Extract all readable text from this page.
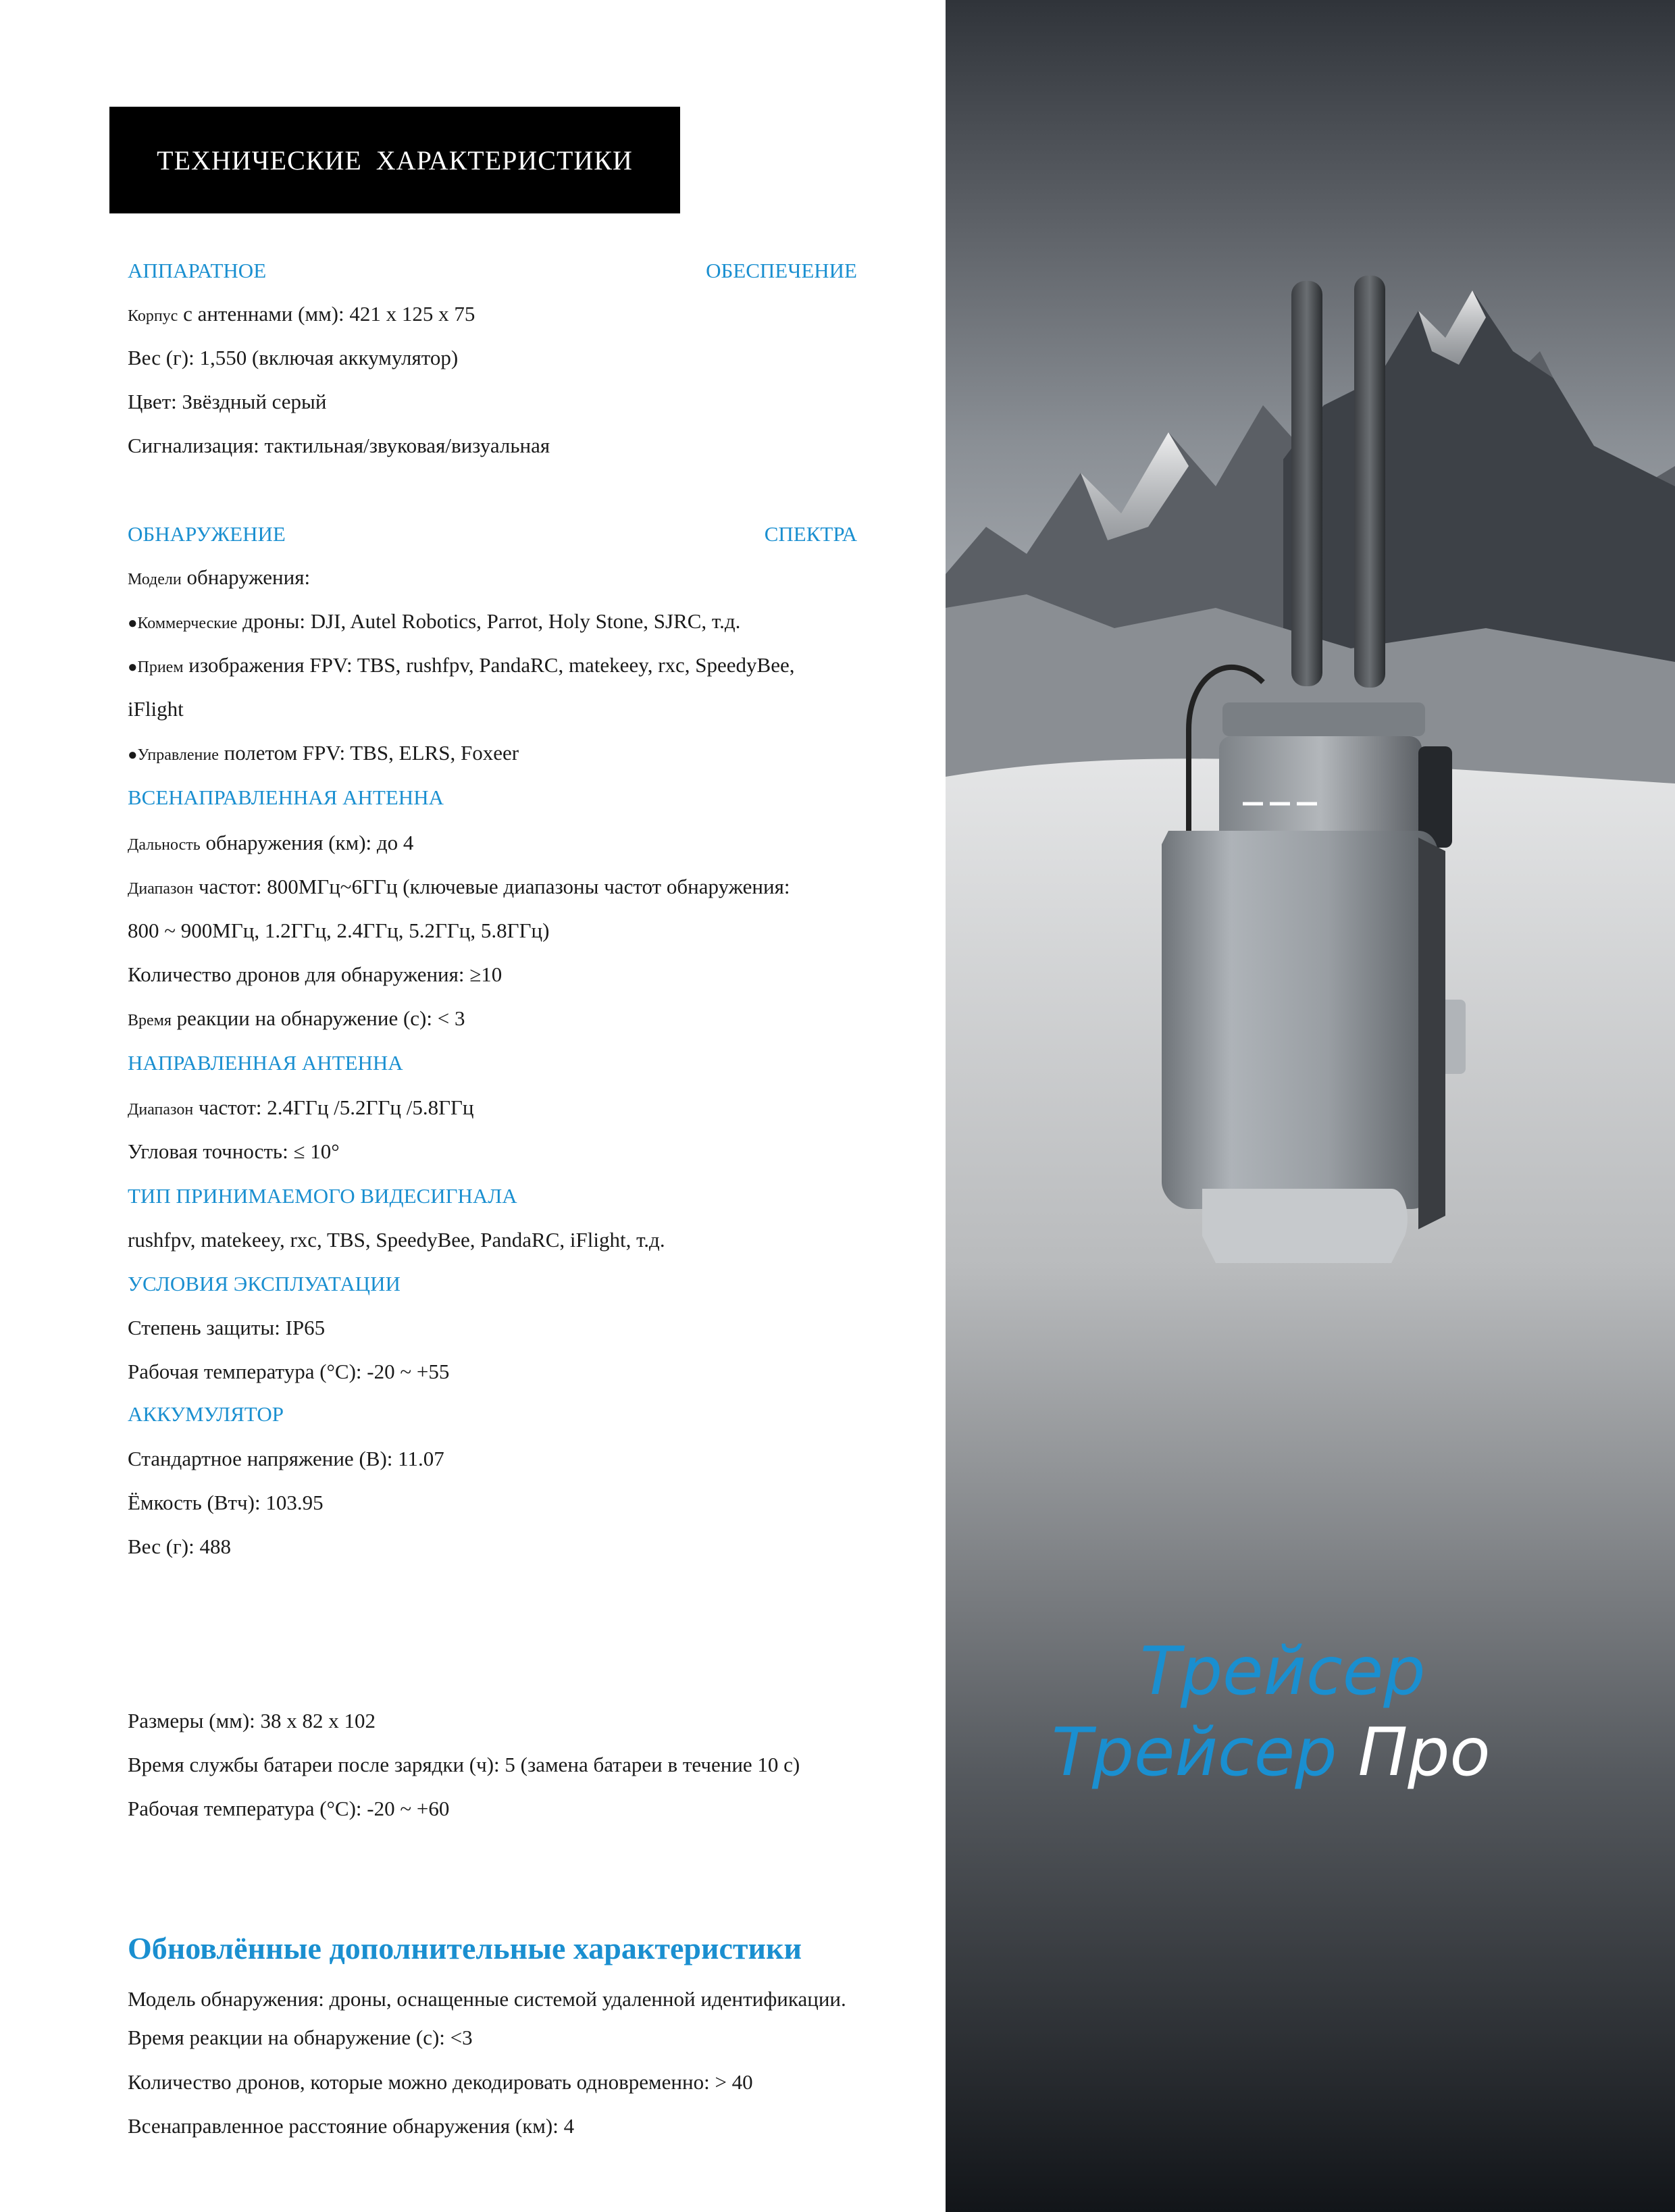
ТЕХНИЧЕСКИЕ ХАРАКТЕРИСТИКИ
АППАРАТНОЕ	ОБЕСПЕЧЕНИЕ
Корпус с антеннами (мм): 421 x 125 x 75
Вес (г): 1,550 (включая аккумулятор)
Цвет: Звёздный серый
Сигнализация: тактильная/звуковая/визуальная
ОБНАРУЖЕНИЕ	СПЕКТРА
Модели обнаружения:
●Коммерческие дроны: DJI, Autel Robotics, Parrot, Holy Stone, SJRC, т.д.
●Прием изображения FPV: TBS, rushfpv, PandaRC, matekeey, rxc, SpeedyBee,
iFlight
●Управление полетом FPV: TBS, ELRS, Foxeer
ВСЕНАПРАВЛЕННАЯ АНТЕННА
Дальность обнаружения (км): до 4
Диапазон частот: 800МГц~6ГГц (ключевые диапазоны частот обнаружения:
800 ~ 900МГц, 1.2ГГц, 2.4ГГц, 5.2ГГц, 5.8ГГц)
Количество дронов для обнаружения: ≥10
Время реакции на обнаружение (с): < 3
НАПРАВЛЕННАЯ АНТЕННА
Диапазон частот: 2.4ГГц /5.2ГГц /5.8ГГц
Угловая точность: ≤ 10°
ТИП ПРИНИМАЕМОГО ВИДЕСИГНАЛА
rushfpv, matekeey, rxc, TBS, SpeedyBee, PandaRC, iFlight, т.д.
УСЛОВИЯ ЭКСПЛУАТАЦИИ
Степень защиты: IP65
Рабочая температура (°C): -20 ~ +55
АККУМУЛЯТОР
Стандартное напряжение (В): 11.07
Ёмкость (Втч): 103.95
Вес (г): 488
Размеры (мм): 38 x 82 x 102
Время службы батареи после зарядки (ч): 5 (замена батареи в течение 10 с)
Рабочая температура (°C): -20 ~ +60
Обновлённые дополнительные характеристики
Модель обнаружения: дроны, оснащенные системой удаленной идентификации.
Время реакции на обнаружение (с): <3
Количество дронов, которые можно декодировать одновременно: > 40
Всенаправленное расстояние обнаружения (км): 4
Трейсер
Трейсер Про
